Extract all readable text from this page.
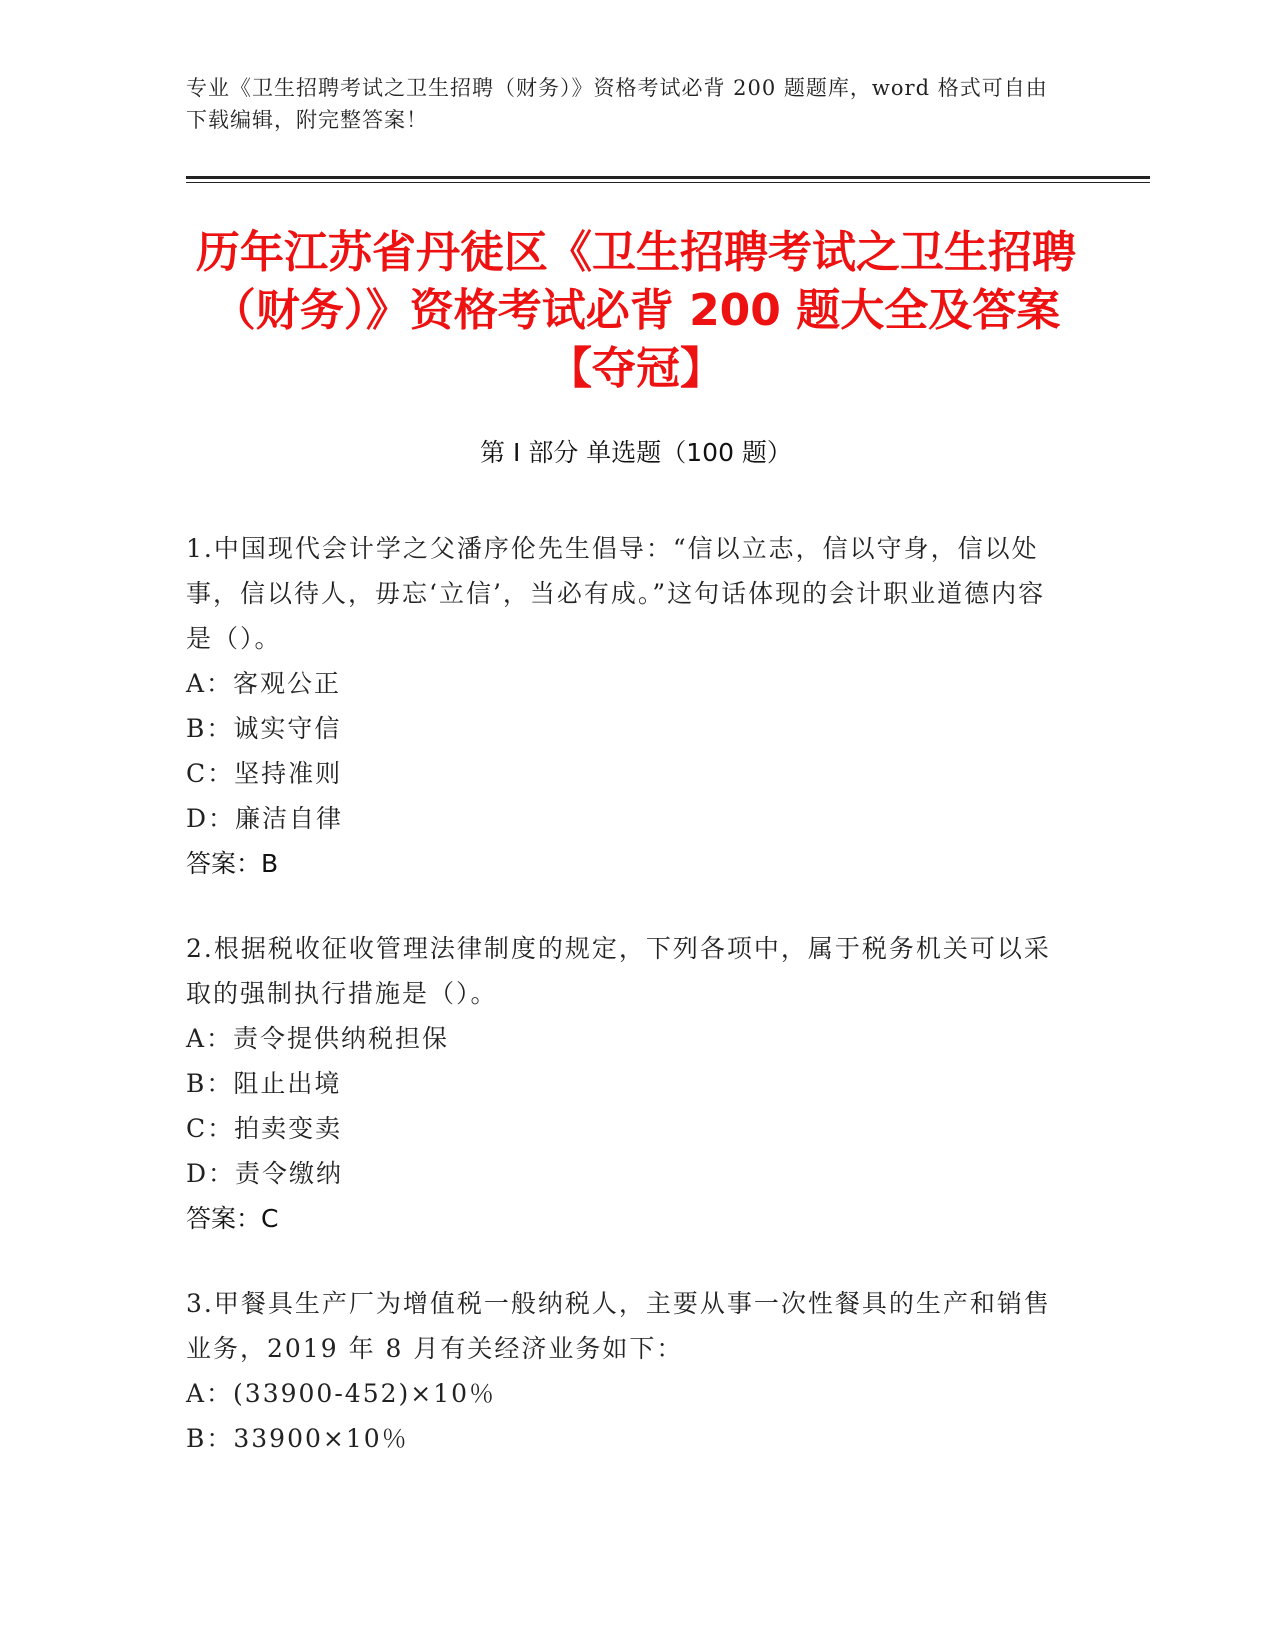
专业《卫生招聘考试之卫生招聘（财务）》资格考试必背 200 题题库，word 格式可自由下载编辑，附完整答案！
历年江苏省丹徒区《卫生招聘考试之卫生招聘（财务）》资格考试必背 200 题大全及答案【夺冠】
第 I 部分 单选题（100 题）
1.中国现代会计学之父潘序伦先生倡导：“信以立志，信以守身，信以处事，信以待人，毋忘‘立信’，当必有成。”这句话体现的会计职业道德内容是（）。
A：客观公正
B：诚实守信
C：坚持准则
D：廉洁自律
答案：B
2.根据税收征收管理法律制度的规定，下列各项中，属于税务机关可以采取的强制执行措施是（）。
A：责令提供纳税担保
B：阻止出境
C：拍卖变卖
D：责令缴纳
答案：C
3.甲餐具生产厂为增值税一般纳税人，主要从事一次性餐具的生产和销售业务，2019 年 8 月有关经济业务如下：
A：(33900-452)×10％
B：33900×10％
